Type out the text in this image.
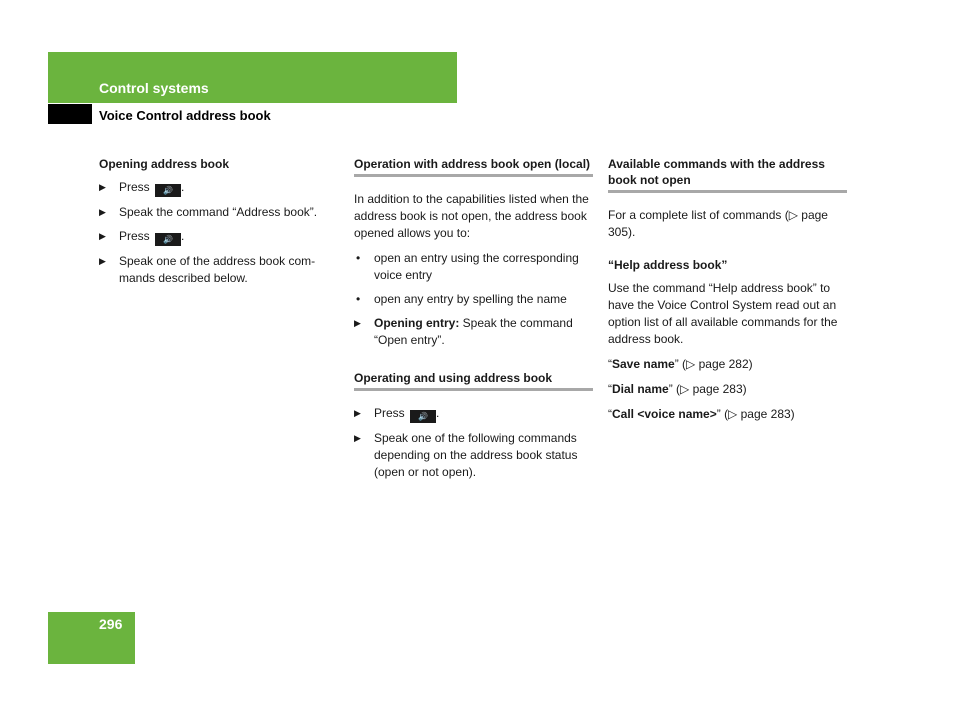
Control systems
Voice Control address book

Opening address book

▶ Press 🔊 .
▶ Speak the command “Address book”.
▶ Press 🔊 .
▶ Speak one of the address book com-mands described below.

Operation with address book open (local)

In addition to the capabilities listed when the address book is not open, the address book opened allows you to:

• open an entry using the corresponding voice entry
• open any entry by spelling the name
▶ Opening entry: Speak the command “Open entry”.

Operating and using address book

▶ Press 🔊 .
▶ Speak one of the following commands depending on the address book status (open or not open).

Available commands with the address book not open

For a complete list of commands (▷ page 305).

“Help address book”

Use the command “Help address book” to have the Voice Control System read out an option list of all available commands for the address book.

“Save name” (▷ page 282)

“Dial name” (▷ page 283)

“Call <voice name>” (▷ page 283)

296
